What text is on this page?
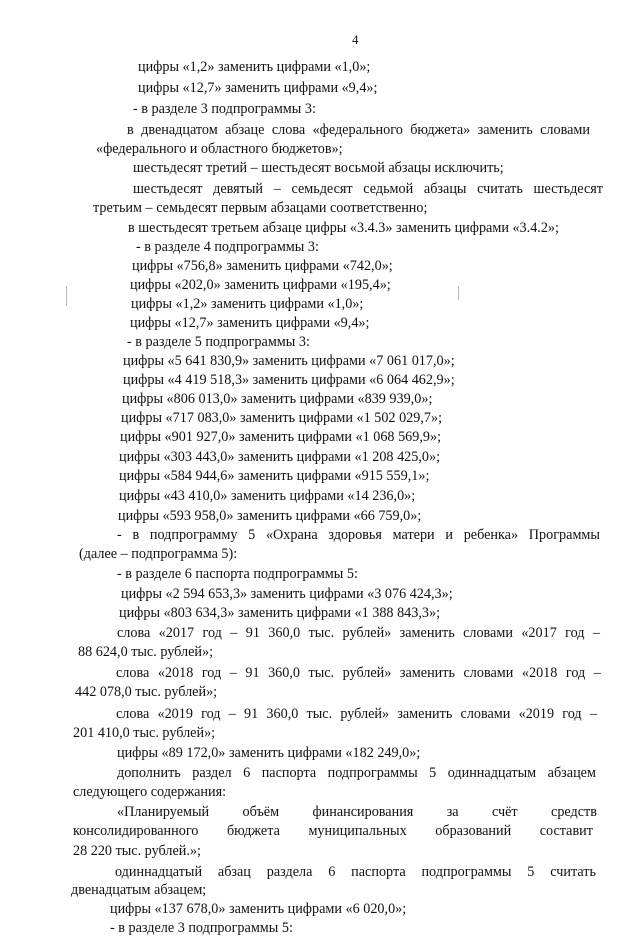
4
цифры «1,2» заменить цифрами «1,0»;
цифры «12,7» заменить цифрами «9,4»;
- в разделе 3 подпрограммы 3:
в двенадцатом абзаце слова «федерального бюджета» заменить словами
«федерального и областного бюджетов»;
шестьдесят третий – шестьдесят восьмой абзацы исключить;
шестьдесят девятый – семьдесят седьмой абзацы считать шестьдесят
третьим – семьдесят первым абзацами соответственно;
в шестьдесят третьем абзаце цифры «3.4.3» заменить цифрами «3.4.2»;
- в разделе 4 подпрограммы 3:
цифры «756,8» заменить цифрами «742,0»;
цифры «202,0» заменить цифрами «195,4»;
цифры «1,2» заменить цифрами «1,0»;
цифры «12,7» заменить цифрами «9,4»;
- в разделе 5 подпрограммы 3:
цифры «5 641 830,9» заменить цифрами «7 061 017,0»;
цифры «4 419 518,3» заменить цифрами «6 064 462,9»;
цифры «806 013,0» заменить цифрами «839 939,0»;
цифры «717 083,0» заменить цифрами «1 502 029,7»;
цифры «901 927,0» заменить цифрами «1 068 569,9»;
цифры «303 443,0» заменить цифрами «1 208 425,0»;
цифры «584 944,6» заменить цифрами «915 559,1»;
цифры «43 410,0» заменить цифрами «14 236,0»;
цифры «593 958,0» заменить цифрами «66 759,0»;
- в подпрограмму 5 «Охрана здоровья матери и ребенка» Программы
(далее – подпрограмма 5):
- в разделе 6 паспорта подпрограммы 5:
цифры «2 594 653,3» заменить цифрами «3 076 424,3»;
цифры «803 634,3» заменить цифрами «1 388 843,3»;
слова «2017 год – 91 360,0 тыс. рублей» заменить словами «2017 год –
88 624,0 тыс. рублей»;
слова «2018 год – 91 360,0 тыс. рублей» заменить словами «2018 год –
442 078,0 тыс. рублей»;
слова «2019 год – 91 360,0 тыс. рублей» заменить словами «2019 год –
201 410,0 тыс. рублей»;
цифры «89 172,0» заменить цифрами «182 249,0»;
дополнить раздел 6 паспорта подпрограммы 5 одиннадцатым абзацем
следующего содержания:
«Планируемый объём финансирования за счёт средств
консолидированного бюджета муниципальных образований составит
28 220 тыс. рублей.»;
одиннадцатый абзац раздела 6 паспорта подпрограммы 5 считать
двенадцатым абзацем;
цифры «137 678,0» заменить цифрами «6 020,0»;
- в разделе 3 подпрограммы 5:
